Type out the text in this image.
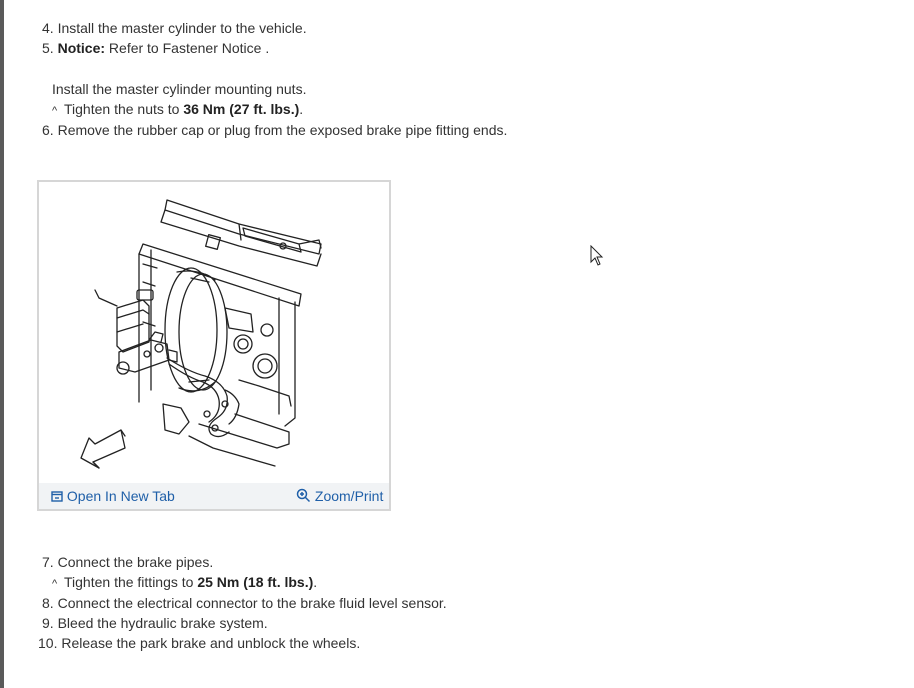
4. Install the master cylinder to the vehicle.
5. Notice: Refer to Fastener Notice .
Install the master cylinder mounting nuts.
^ Tighten the nuts to 36 Nm (27 ft. lbs.).
6. Remove the rubber cap or plug from the exposed brake pipe fitting ends.
Open In New Tab	Zoom/Print
7. Connect the brake pipes.
^ Tighten the fittings to 25 Nm (18 ft. lbs.).
8. Connect the electrical connector to the brake fluid level sensor.
9. Bleed the hydraulic brake system.
10. Release the park brake and unblock the wheels.
